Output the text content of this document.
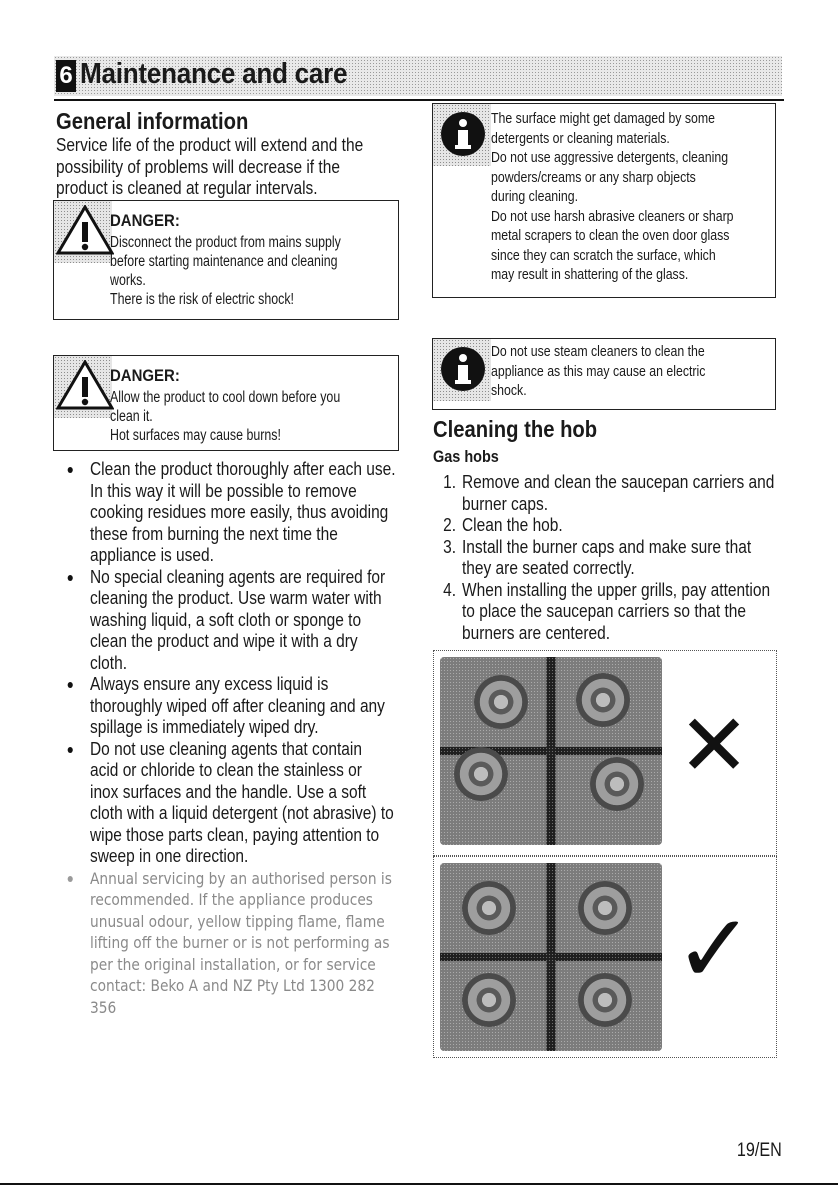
6 Maintenance and care
General information
Service life of the product will extend and the
possibility of problems will decrease if the
product is cleaned at regular intervals.
DANGER:
Disconnect the product from mains supply
before starting maintenance and cleaning
works.
There is the risk of electric shock!
DANGER:
Allow the product to cool down before you
clean it.
Hot surfaces may cause burns!
Clean the product thoroughly after each use.
In this way it will be possible to remove
cooking residues more easily, thus avoiding
these from burning the next time the
appliance is used.
No special cleaning agents are required for
cleaning the product. Use warm water with
washing liquid, a soft cloth or sponge to
clean the product and wipe it with a dry
cloth.
Always ensure any excess liquid is
thoroughly wiped off after cleaning and any
spillage is immediately wiped dry.
Do not use cleaning agents that contain
acid or chloride to clean the stainless or
inox surfaces and the handle. Use a soft
cloth with a liquid detergent (not abrasive) to
wipe those parts clean, paying attention to
sweep in one direction.
Annual servicing by an authorised person is
recommended. If the appliance produces
unusual odour, yellow tipping flame, flame
lifting off the burner or is not performing as
per the original installation, or for service
contact: Beko A and NZ Pty Ltd 1300 282
356
The surface might get damaged by some
detergents or cleaning materials.
Do not use aggressive detergents, cleaning
powders/creams or any sharp objects
during cleaning.
Do not use harsh abrasive cleaners or sharp
metal scrapers to clean the oven door glass
since they can scratch the surface, which
may result in shattering of the glass.
Do not use steam cleaners to clean the
appliance as this may cause an electric
shock.
Cleaning the hob
Gas hobs
1. Remove and clean the saucepan carriers and
burner caps.
2. Clean the hob.
3. Install the burner caps and make sure that
they are seated correctly.
4. When installing the upper grills, pay attention
to place the saucepan carriers so that the
burners are centered.
✕
✓
19/EN
